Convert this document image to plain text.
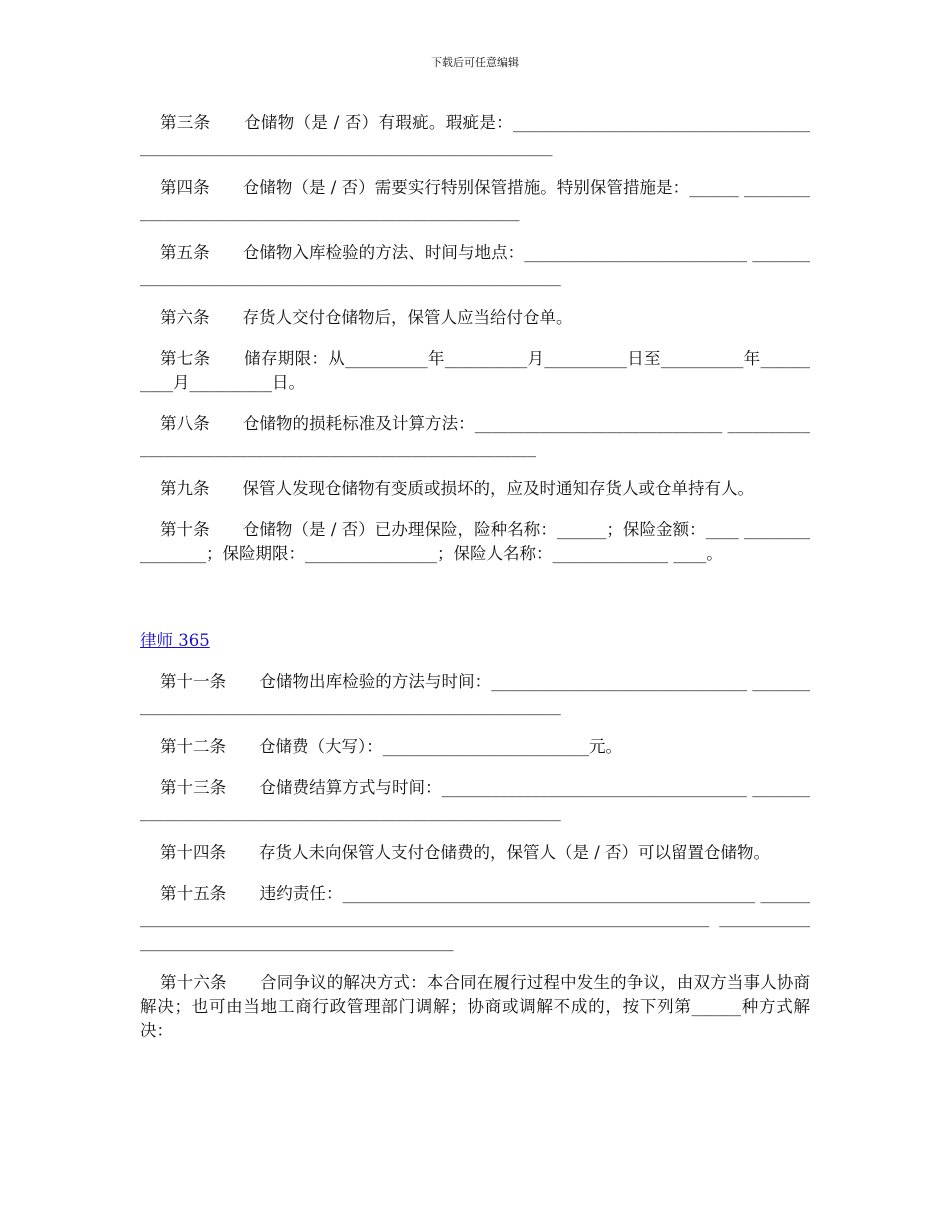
下载后可任意编辑

第三条　　仓储物（是 / 否）有瑕疵。瑕疵是：______________________________________________________________________________________

第四条　　仓储物（是 / 否）需要实行特别保管措施。特别保管措施是：______ ______________________________________________________

第五条　　仓储物入库检验的方法、时间与地点：___________________________ __________________________________________________________

第六条　　存货人交付仓储物后，保管人应当给付仓单。

第七条　　储存期限：从__________年__________月__________日至__________年__________月__________日。

第八条　　仓储物的损耗标准及计算方法：______________________________ __________________________________________________________

第九条　　保管人发现仓储物有变质或损坏的，应及时通知存货人或仓单持有人。

第十条　　仓储物（是 / 否）已办理保险，险种名称：______；保险金额：____ ________________；保险期限：________________；保险人名称：______________ ____。

律师 365

第十一条　　仓储物出库检验的方法与时间：_______________________________ __________________________________________________________

第十二条　　仓储费（大写）：_________________________元。

第十三条　　仓储费结算方式与时间：_____________________________________ __________________________________________________________

第十四条　　存货人未向保管人支付仓储费的，保管人（是 / 否）可以留置仓储物。

第十五条　　违约责任：__________________________________________________ ___________________________________________________________________________ _________________________________________________

第十六条　　合同争议的解决方式：本合同在履行过程中发生的争议，由双方当事人协商解决；也可由当地工商行政管理部门调解；协商或调解不成的，按下列第______种方式解决：
